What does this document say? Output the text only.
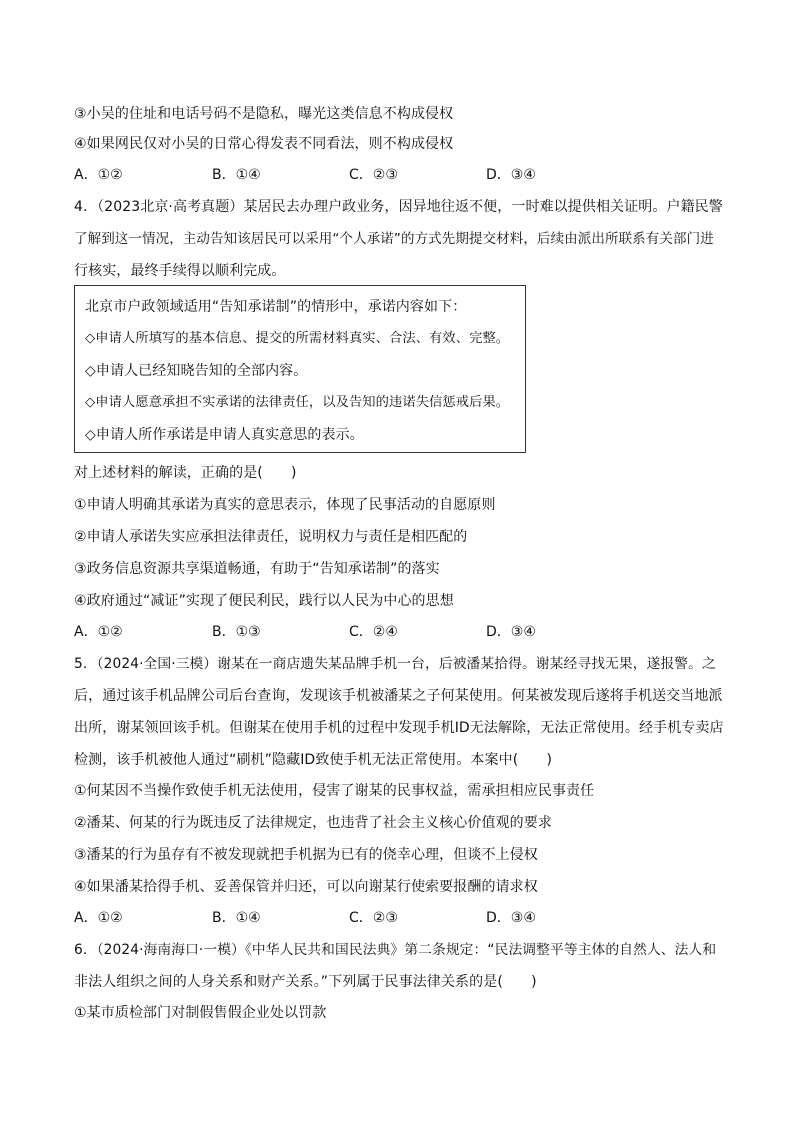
③小吴的住址和电话号码不是隐私，曝光这类信息不构成侵权
④如果网民仅对小吴的日常心得发表不同看法，则不构成侵权
A．①②	B．①④	C．②③	D．③④
4．（2023北京·高考真题）某居民去办理户政业务，因异地往返不便，一时难以提供相关证明。户籍民警
了解到这一情况，主动告知该居民可以采用“个人承诺”的方式先期提交材料，后续由派出所联系有关部门进
行核实，最终手续得以顺利完成。
北京市户政领域适用“告知承诺制”的情形中，承诺内容如下：
◇申请人所填写的基本信息、提交的所需材料真实、合法、有效、完整。
◇申请人已经知晓告知的全部内容。
◇申请人愿意承担不实承诺的法律责任，以及告知的违诺失信惩戒后果。
◇申请人所作承诺是申请人真实意思的表示。
对上述材料的解读，正确的是(　　)
①申请人明确其承诺为真实的意思表示，体现了民事活动的自愿原则
②申请人承诺失实应承担法律责任，说明权力与责任是相匹配的
③政务信息资源共享渠道畅通，有助于“告知承诺制”的落实
④政府通过“减证”实现了便民利民，践行以人民为中心的思想
A．①②	B．①③	C．②④	D．③④
5．（2024·全国·三模）谢某在一商店遗失某品牌手机一台，后被潘某拾得。谢某经寻找无果，遂报警。之
后，通过该手机品牌公司后台查询，发现该手机被潘某之子何某使用。何某被发现后遂将手机送交当地派
出所，谢某领回该手机。但谢某在使用手机的过程中发现手机ID无法解除，无法正常使用。经手机专卖店
检测，该手机被他人通过“刷机”隐藏ID致使手机无法正常使用。本案中(　　)
①何某因不当操作致使手机无法使用，侵害了谢某的民事权益，需承担相应民事责任
②潘某、何某的行为既违反了法律规定，也违背了社会主义核心价值观的要求
③潘某的行为虽存有不被发现就把手机据为已有的侥幸心理，但谈不上侵权
④如果潘某拾得手机、妥善保管并归还，可以向谢某行使索要报酬的请求权
A．①②	B．①④	C．②③	D．③④
6．（2024·海南海口·一模）《中华人民共和国民法典》第二条规定：“民法调整平等主体的自然人、法人和
非法人组织之间的人身关系和财产关系。”下列属于民事法律关系的是(　　)
①某市质检部门对制假售假企业处以罚款
